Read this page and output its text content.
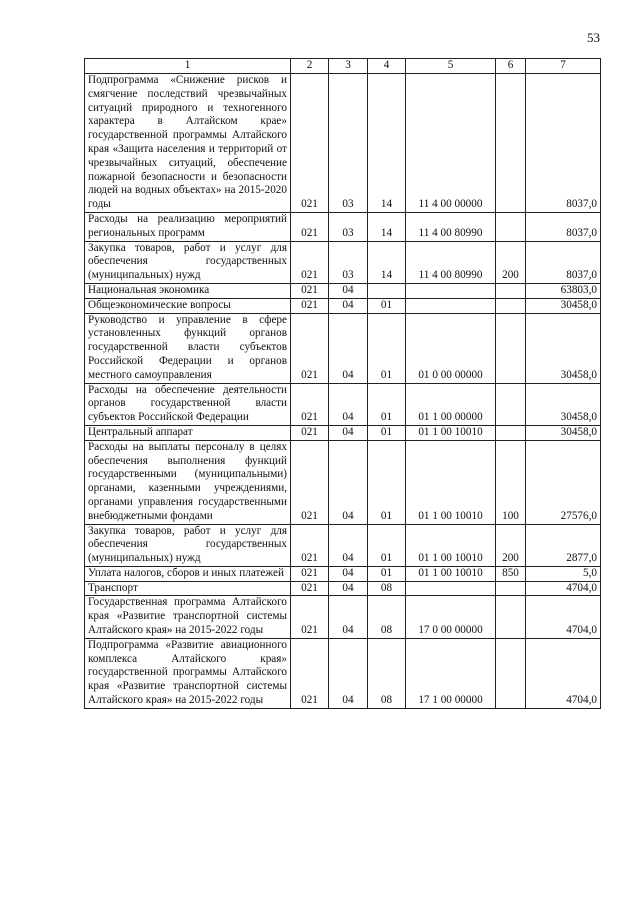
53
1	2	3	4	5	6	7
Подпрограмма «Снижение рисков и смягчение последствий чрезвычайных ситуаций природного и техногенного характера в Алтайском крае» государственной программы Алтайского края «Защита населения и территорий от чрезвычайных ситуаций, обеспечение пожарной безопасности и безопасности людей на водных объектах» на 2015-2020 годы	021	03	14	11 4 00 00000		8037,0
Расходы на реализацию мероприятий региональных программ	021	03	14	11 4 00 80990		8037,0
Закупка товаров, работ и услуг для обеспечения государственных (муниципальных) нужд	021	03	14	11 4 00 80990	200	8037,0
Национальная экономика	021	04				63803,0
Общеэкономические вопросы	021	04	01			30458,0
Руководство и управление в сфере установленных функций органов государственной власти субъектов Российской Федерации и органов местного самоуправления	021	04	01	01 0 00 00000		30458,0
Расходы на обеспечение деятельности органов государственной власти субъектов Российской Федерации	021	04	01	01 1 00 00000		30458,0
Центральный аппарат	021	04	01	01 1 00 10010		30458,0
Расходы на выплаты персоналу в целях обеспечения выполнения функций государственными (муниципальными) органами, казенными учреждениями, органами управления государственными внебюджетными фондами	021	04	01	01 1 00 10010	100	27576,0
Закупка товаров, работ и услуг для обеспечения государственных (муниципальных) нужд	021	04	01	01 1 00 10010	200	2877,0
Уплата налогов, сборов и иных платежей	021	04	01	01 1 00 10010	850	5,0
Транспорт	021	04	08			4704,0
Государственная программа Алтайского края «Развитие транспортной системы Алтайского края» на 2015-2022 годы	021	04	08	17 0 00 00000		4704,0
Подпрограмма «Развитие авиационного комплекса Алтайского края» государственной программы Алтайского края «Развитие транспортной системы Алтайского края» на 2015-2022 годы	021	04	08	17 1 00 00000		4704,0
